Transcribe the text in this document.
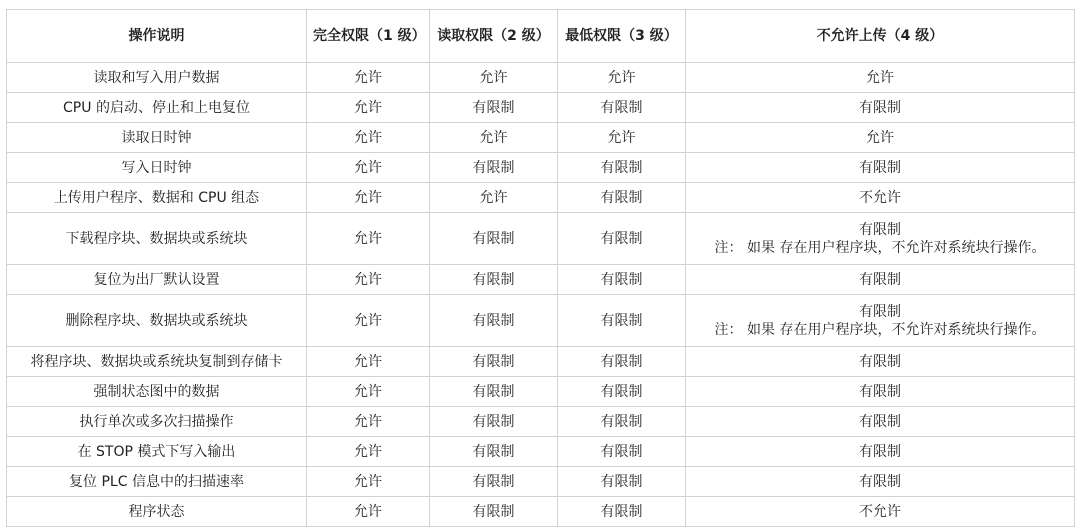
操作说明	完全权限（1 级）	读取权限（2 级）	最低权限（3 级）	不允许上传（4 级）

读取和写入用户数据	允许	允许	允许	允许

CPU 的启动、停止和上电复位	允许	有限制	有限制	有限制

读取日时钟	允许	允许	允许	允许

写入日时钟	允许	有限制	有限制	有限制

上传用户程序、数据和 CPU 组态	允许	允许	有限制	不允许

下载程序块、数据块或系统块	允许	有限制	有限制	有限制
注： 如果 存在用户程序块，不允许对系统块行操作。

复位为出厂默认设置	允许	有限制	有限制	有限制

删除程序块、数据块或系统块	允许	有限制	有限制	有限制
注： 如果 存在用户程序块，不允许对系统块行操作。

将程序块、数据块或系统块复制到存储卡	允许	有限制	有限制	有限制

强制状态图中的数据	允许	有限制	有限制	有限制

执行单次或多次扫描操作	允许	有限制	有限制	有限制

在 STOP 模式下写入输出	允许	有限制	有限制	有限制

复位 PLC 信息中的扫描速率	允许	有限制	有限制	有限制

程序状态	允许	有限制	有限制	不允许
